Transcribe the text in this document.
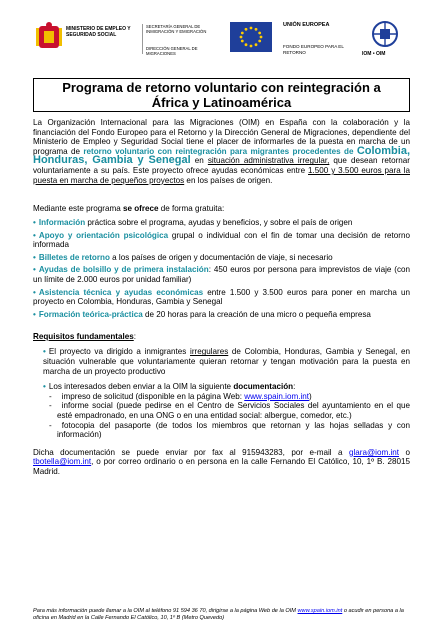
MINISTERIO DE EMPLEO Y SEGURIDAD SOCIAL
SECRETARÍA GENERAL DE INMIGRACIÓN Y EMIGRACIÓN
DIRECCIÓN GENERAL DE MIGRACIONES
UNIÓN EUROPEA
FONDO EUROPEO PARA EL RETORNO	IOM • OIM
Programa de retorno voluntario con reintegración a
África y Latinoamérica

La Organización Internacional para las Migraciones (OIM) en España con la colaboración y la financiación del Fondo Europeo para el Retorno y la Dirección General de Migraciones, dependiente del Ministerio de Empleo y Seguridad Social tiene el placer de informarles de la puesta en marcha de un programa de retorno voluntario con reintegración para migrantes procedentes de Colombia, Honduras, Gambia y Senegal en situación administrativa irregular, que desean retornar voluntariamente a su país. Este proyecto ofrece ayudas económicas entre 1.500 y 3.500 euros para la puesta en marcha de pequeños proyectos en los países de origen.

Mediante este programa se ofrece de forma gratuita:

• Información práctica sobre el programa, ayudas y beneficios, y sobre el país de origen

• Apoyo y orientación psicológica grupal o individual con el fin de tomar una decisión de retorno informada

• Billetes de retorno a los países de origen y documentación de viaje, si necesario

• Ayudas de bolsillo y de primera instalación: 450 euros por persona para imprevistos de viaje (con un límite de 2.000 euros por unidad familiar)

• Asistencia técnica y ayudas económicas entre 1.500 y 3.500 euros para poner en marcha un proyecto en Colombia, Honduras, Gambia y Senegal

• Formación teórica-práctica de 20 horas para la creación de una micro o pequeña empresa

Requisitos fundamentales:

• El proyecto va dirigido a inmigrantes irregulares de Colombia, Honduras, Gambia y Senegal, en situación vulnerable que voluntariamente quieran retornar y tengan motivación para la puesta en marcha de un proyecto productivo

• Los interesados deben enviar a la OIM la siguiente documentación:

- impreso de solicitud (disponible en la página Web: www.spain.iom.int)

- informe social (puede pedirse en el Centro de Servicios Sociales del ayuntamiento en el que esté empadronado, en una ONG o en una entidad social: albergue, comedor, etc.)

- fotocopia del pasaporte (de todos los miembros que retornan y las hojas selladas y con información)

Dicha documentación se puede enviar por fax al 915943283, por e-mail a glara@iom.int o tbotella@iom.int, o por correo ordinario o en persona en la calle Fernando El Católico, 10, 1º B. 28015 Madrid.

Para más información puede llamar a la OIM al teléfono 91 594 36 70, dirigirse a la página Web de la OIM www.spain.iom.int o acudir en persona a la oficina en Madrid en la Calle Fernando El Católico, 10, 1º B (Metro Quevedo)
